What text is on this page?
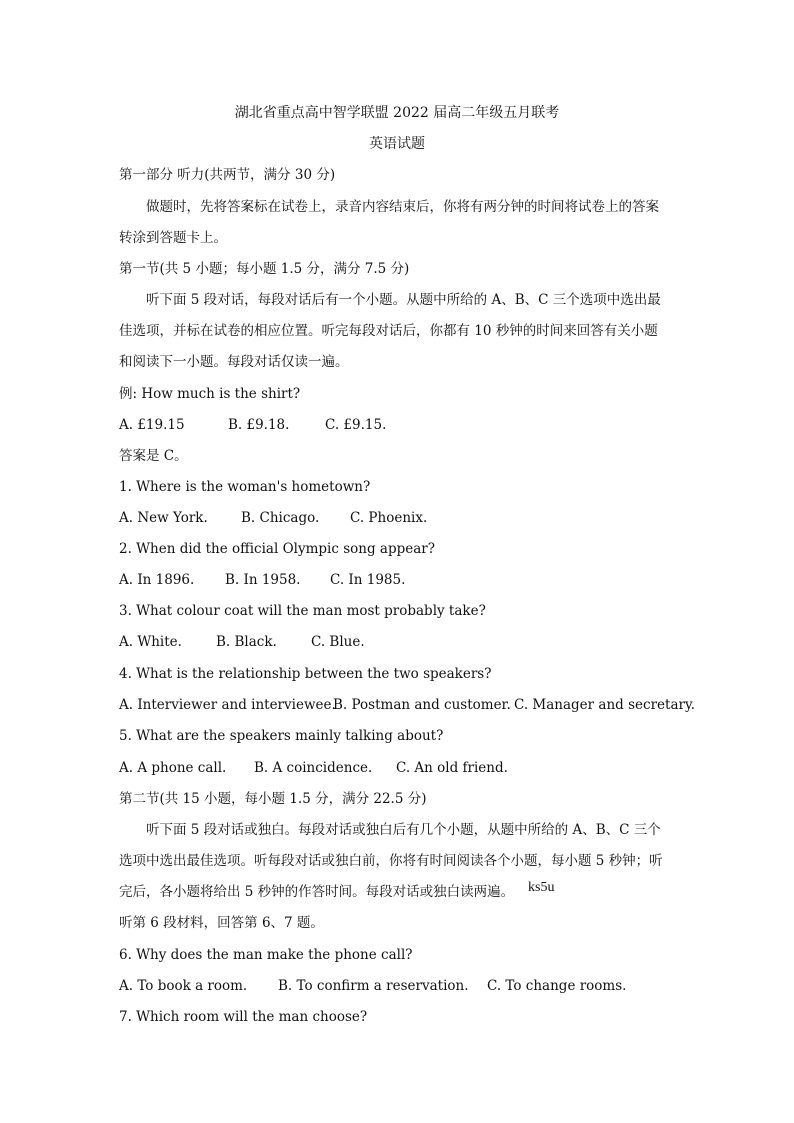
湖北省重点高中智学联盟 2022 届高二年级五月联考
英语试题
第一部分 听力(共两节，满分 30 分)
做题时，先将答案标在试卷上，录音内容结束后，你将有两分钟的时间将试卷上的答案
转涂到答题卡上。
第一节(共 5 小题；每小题 1.5 分，满分 7.5 分)
听下面 5 段对话，每段对话后有一个小题。从题中所给的 A、B、C 三个选项中选出最
佳选项，并标在试卷的相应位置。听完每段对话后，你都有 10 秒钟的时间来回答有关小题
和阅读下一小题。每段对话仅读一遍。
例: How much is the shirt?
A. £19.15	B. £9.18.	C. £9.15.
答案是 C。
1. Where is the woman's hometown?
A. New York. B. Chicago. C. Phoenix.
2. When did the official Olympic song appear?
A. In 1896. B. In 1958. C. In 1985.
3. What colour coat will the man most probably take?
A. White.	B. Black.	C. Blue.
4. What is the relationship between the two speakers?
A. Interviewer and interviewee.
B. Postman and customer. C. Manager and secretary.
5. What are the speakers mainly talking about?
A. A phone call. B. A coincidence. C. An old friend.
第二节(共 15 小题，每小题 1.5 分，满分 22.5 分)
听下面 5 段对话或独白。每段对话或独白后有几个小题，从题中所给的 A、B、C 三个
选项中选出最佳选项。听每段对话或独白前，你将有时间阅读各个小题，每小题 5 秒钟；听
完后，各小题将给出 5 秒钟的作答时间。每段对话或独白读两遍。 ks5u
听第 6 段材料，回答第 6、7 题。
6. Why does the man make the phone call?
A. To book a room. B. To confirm a reservation. C. To change rooms.
7. Which room will the man choose?
